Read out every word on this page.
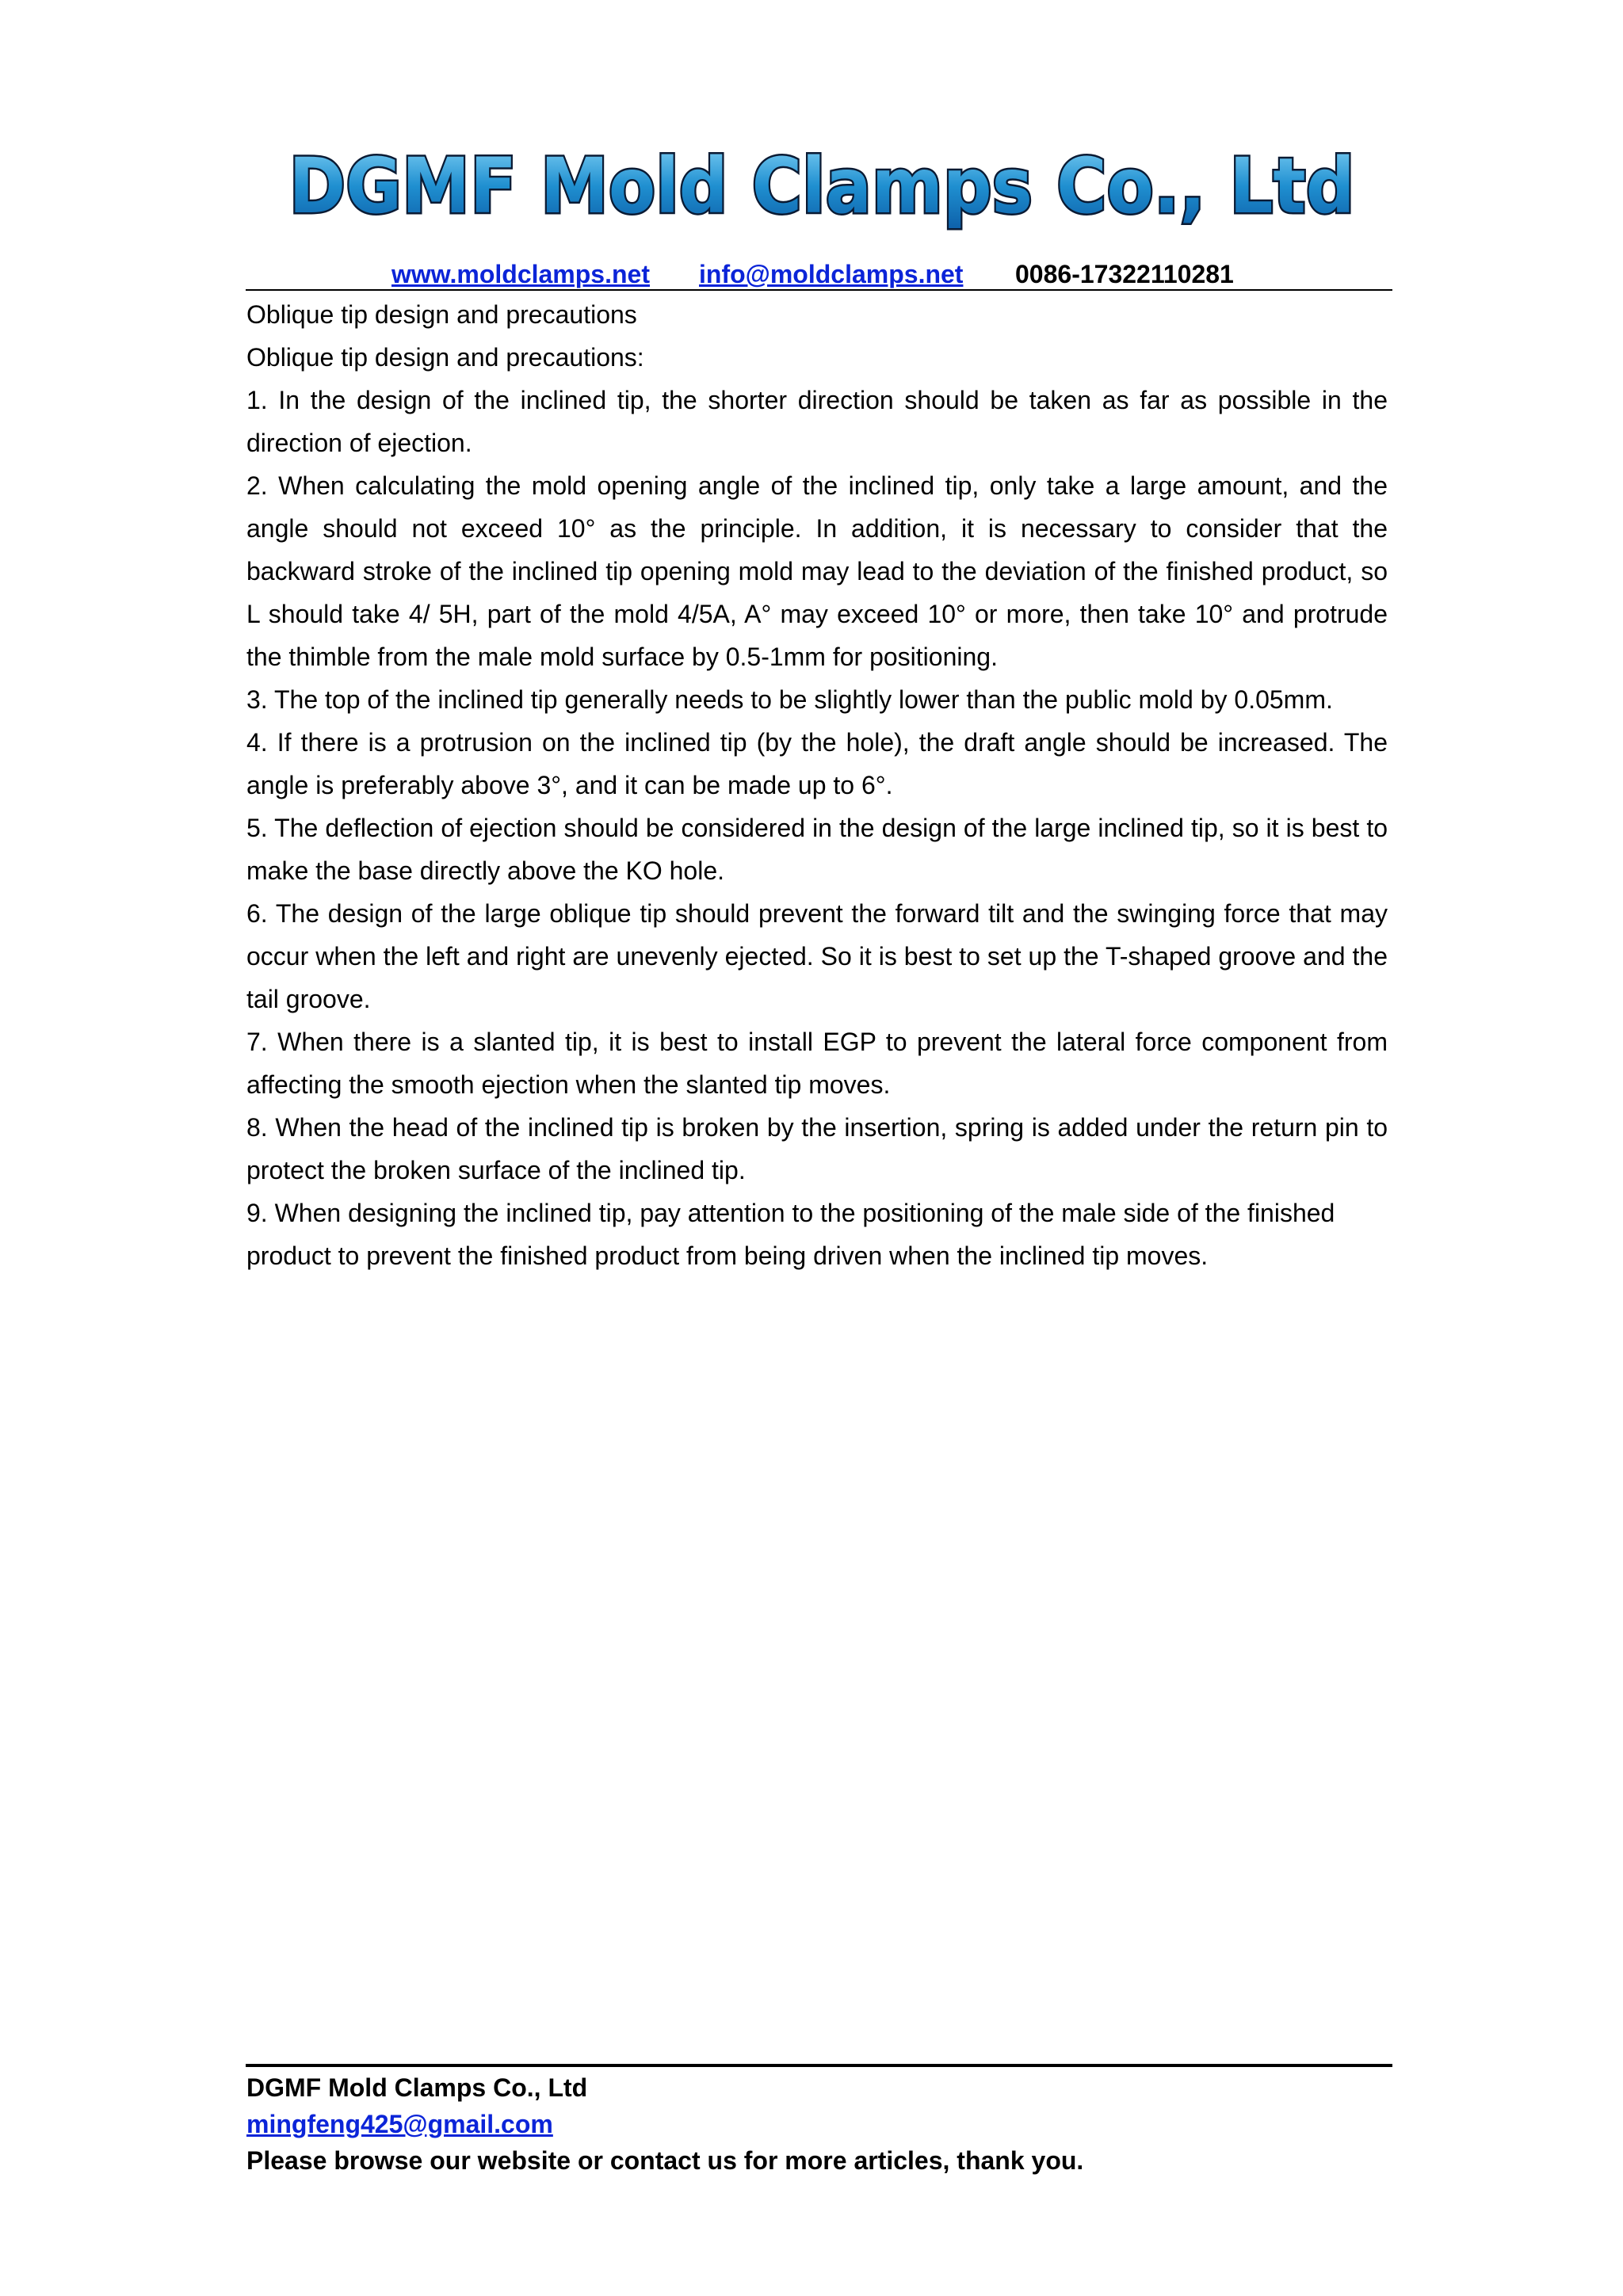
DGMF Mold Clamps Co., Ltd
www.moldclamps.net info@moldclamps.net 0086-17322110281

Oblique tip design and precautions

Oblique tip design and precautions:

1. In the design of the inclined tip, the shorter direction should be taken as far as possible in the direction of ejection.

2. When calculating the mold opening angle of the inclined tip, only take a large amount, and the angle should not exceed 10° as the principle. In addition, it is necessary to consider that the backward stroke of the inclined tip opening mold may lead to the deviation of the finished product, so L should take 4/ 5H, part of the mold 4/5A, A° may exceed 10° or more, then take 10° and protrude the thimble from the male mold surface by 0.5-1mm for positioning.

3. The top of the inclined tip generally needs to be slightly lower than the public mold by 0.05mm.

4. If there is a protrusion on the inclined tip (by the hole), the draft angle should be increased. The angle is preferably above 3°, and it can be made up to 6°.

5. The deflection of ejection should be considered in the design of the large inclined tip, so it is best to make the base directly above the KO hole.

6. The design of the large oblique tip should prevent the forward tilt and the swinging force that may occur when the left and right are unevenly ejected. So it is best to set up the T-shaped groove and the tail groove.

7. When there is a slanted tip, it is best to install EGP to prevent the lateral force component from affecting the smooth ejection when the slanted tip moves.

8. When the head of the inclined tip is broken by the insertion, spring is added under the return pin to protect the broken surface of the inclined tip.

9. When designing the inclined tip, pay attention to the positioning of the male side of the finished product to prevent the finished product from being driven when the inclined tip moves.

DGMF Mold Clamps Co., Ltd
mingfeng425@gmail.com
Please browse our website or contact us for more articles, thank you.
